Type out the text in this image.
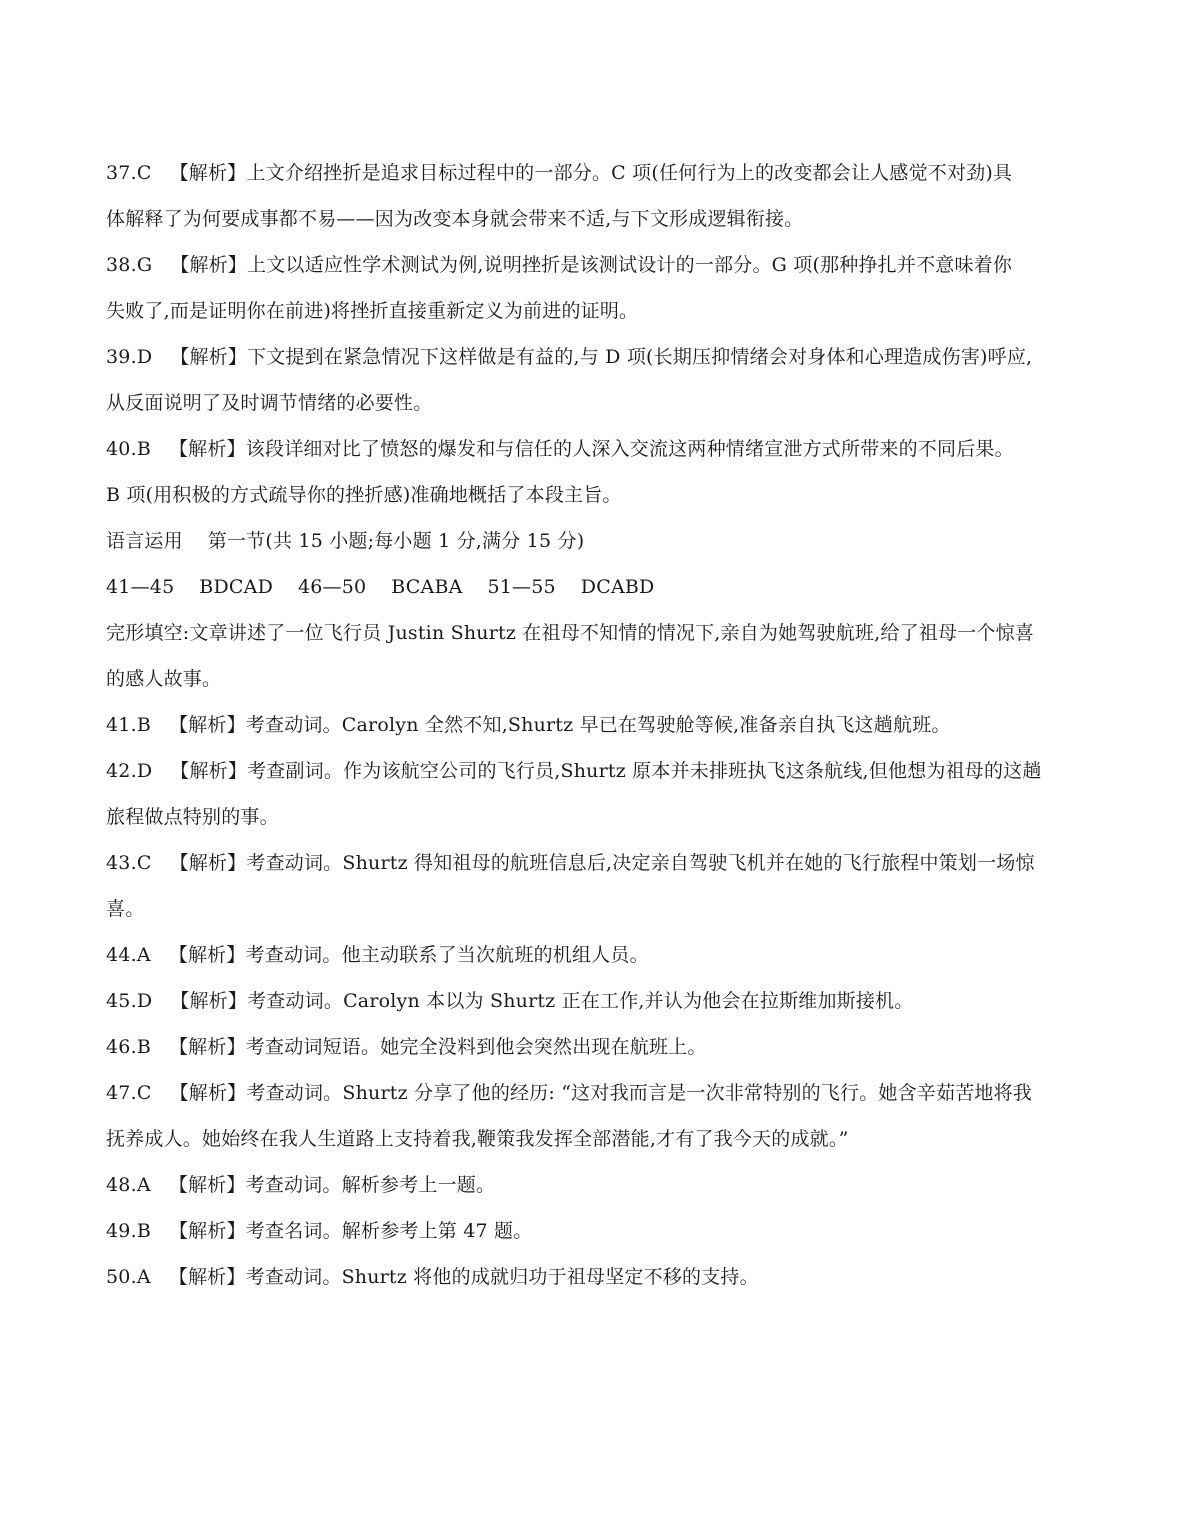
37.C 【解析】上文介绍挫折是追求目标过程中的一部分。C 项(任何行为上的改变都会让人感觉不对劲)具
体解释了为何要成事都不易——因为改变本身就会带来不适,与下文形成逻辑衔接。
38.G 【解析】上文以适应性学术测试为例,说明挫折是该测试设计的一部分。G 项(那种挣扎并不意味着你
失败了,而是证明你在前进)将挫折直接重新定义为前进的证明。
39.D 【解析】下文提到在紧急情况下这样做是有益的,与 D 项(长期压抑情绪会对身体和心理造成伤害)呼应,
从反面说明了及时调节情绪的必要性。
40.B 【解析】该段详细对比了愤怒的爆发和与信任的人深入交流这两种情绪宣泄方式所带来的不同后果。
B 项(用积极的方式疏导你的挫折感)准确地概括了本段主旨。
语言运用    第一节(共 15 小题;每小题 1 分,满分 15 分)
41—45    BDCAD    46—50    BCABA    51—55    DCABD
完形填空:文章讲述了一位飞行员 Justin Shurtz 在祖母不知情的情况下,亲自为她驾驶航班,给了祖母一个惊喜
的感人故事。
41.B 【解析】考查动词。Carolyn 全然不知,Shurtz 早已在驾驶舱等候,准备亲自执飞这趟航班。
42.D 【解析】考查副词。作为该航空公司的飞行员,Shurtz 原本并未排班执飞这条航线,但他想为祖母的这趟
旅程做点特别的事。
43.C 【解析】考查动词。Shurtz 得知祖母的航班信息后,决定亲自驾驶飞机并在她的飞行旅程中策划一场惊
喜。
44.A 【解析】考查动词。他主动联系了当次航班的机组人员。
45.D 【解析】考查动词。Carolyn 本以为 Shurtz 正在工作,并认为他会在拉斯维加斯接机。
46.B 【解析】考查动词短语。她完全没料到他会突然出现在航班上。
47.C 【解析】考查动词。Shurtz 分享了他的经历: “这对我而言是一次非常特别的飞行。她含辛茹苦地将我
抚养成人。她始终在我人生道路上支持着我,鞭策我发挥全部潜能,才有了我今天的成就。”
48.A 【解析】考查动词。解析参考上一题。
49.B 【解析】考查名词。解析参考上第 47 题。
50.A 【解析】考查动词。Shurtz 将他的成就归功于祖母坚定不移的支持。
